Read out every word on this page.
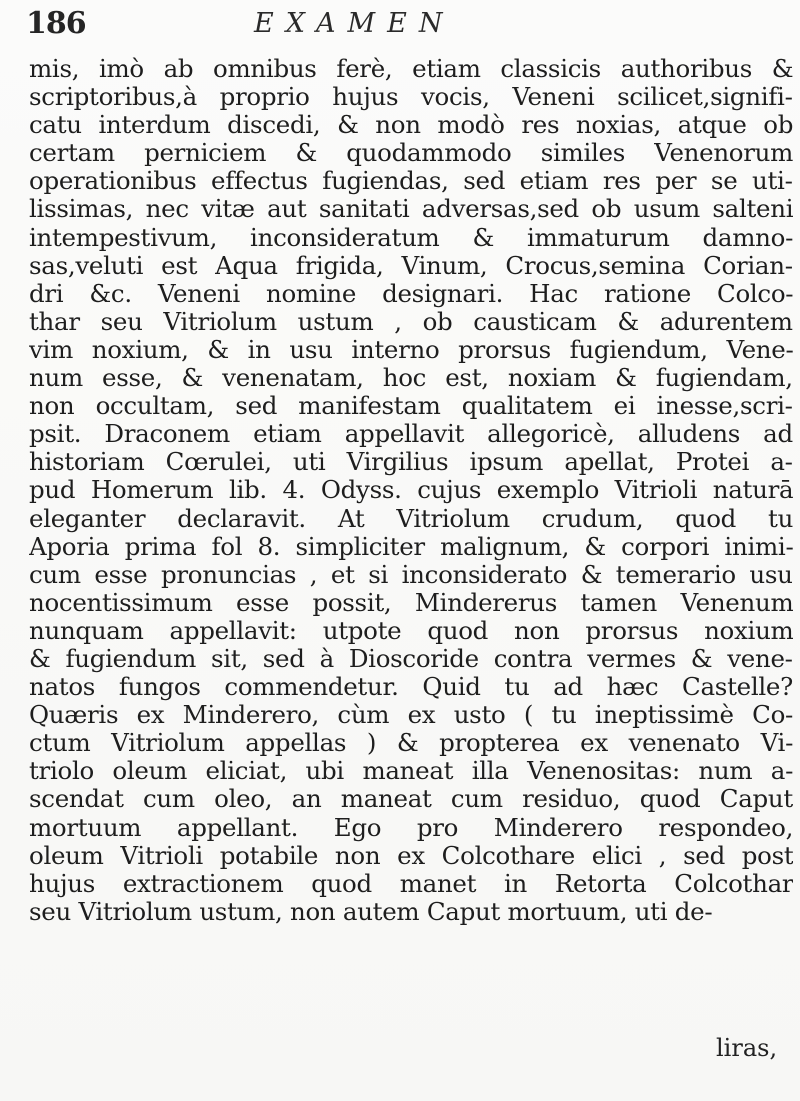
186	EXAMEN
mis, imò ab omnibus ferè, etiam classicis authoribus &
scriptoribus,à proprio hujus vocis, Veneni scilicet,signifi-
catu interdum discedi, & non modò res noxias, atque ob
certam perniciem & quodammodo similes Venenorum
operationibus effectus fugiendas, sed etiam res per se uti-
lissimas, nec vitæ aut sanitati adversas,sed ob usum salteni
intempestivum, inconsideratum & immaturum damno-
sas,veluti est Aqua frigida, Vinum, Crocus,semina Corian-
dri &c. Veneni nomine designari. Hac ratione Colco-
thar seu Vitriolum ustum , ob causticam & adurentem
vim noxium, & in usu interno prorsus fugiendum, Vene-
num esse, & venenatam, hoc est, noxiam & fugiendam,
non occultam, sed manifestam qualitatem ei inesse,scri-
psit. Draconem etiam appellavit allegoricè, alludens ad
historiam Cœrulei, uti Virgilius ipsum apellat, Protei a-
pud Homerum lib. 4. Odyss. cujus exemplo Vitrioli naturā
eleganter declaravit. At Vitriolum crudum, quod tu
Aporia prima fol 8. simpliciter malignum, & corpori inimi-
cum esse pronuncias , et si inconsiderato & temerario usu
nocentissimum esse possit, Mindererus tamen Venenum
nunquam appellavit: utpote quod non prorsus noxium
& fugiendum sit, sed à Dioscoride contra vermes & vene-
natos fungos commendetur. Quid tu ad hæc Castelle?
Quæris ex Minderero, cùm ex usto ( tu ineptissimè Co-
ctum Vitriolum appellas ) & propterea ex venenato Vi-
triolo oleum eliciat, ubi maneat illa Venenositas: num a-
scendat cum oleo, an maneat cum residuo, quod Caput
mortuum appellant. Ego pro Minderero respondeo,
oleum Vitrioli potabile non ex Colcothare elici , sed post
hujus extractionem quod manet in Retorta Colcothar
seu Vitriolum ustum, non autem Caput mortuum, uti de-
liras,
